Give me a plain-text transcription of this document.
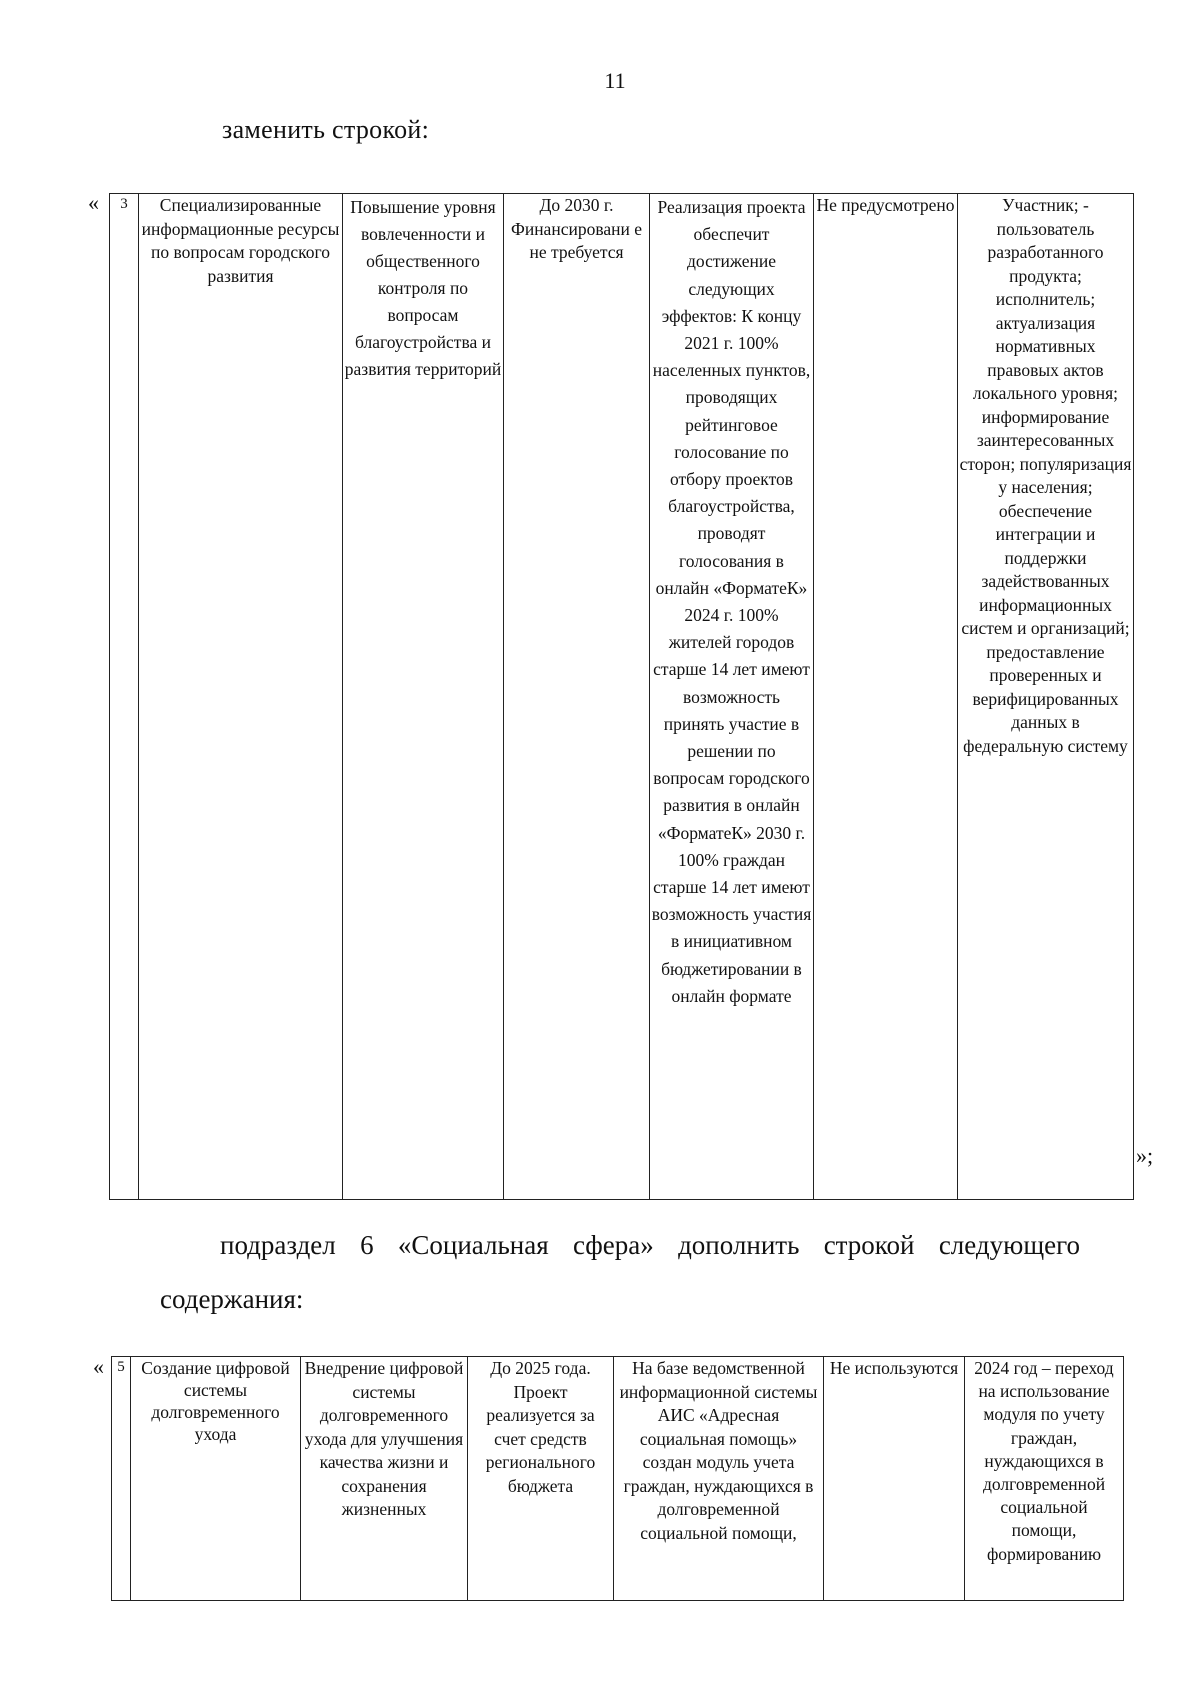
11
заменить строкой:
« 3	Специализированные информационные ресурсы по вопросам городского развития	Повышение уровня вовлеченности и общественного контроля по вопросам благоустройства и развития территорий	До 2030 г. Финансировани е не требуется	Реализация проекта обеспечит достижение следующих эффектов: К концу 2021 г. 100% населенных пунктов, проводящих рейтинговое голосование по отбору проектов благоустройства, проводят голосования в онлайн «ФорматеК» 2024 г. 100% жителей городов старше 14 лет имеют возможность принять участие в решении по вопросам городского развития в онлайн «ФорматеК» 2030 г. 100% граждан старше 14 лет имеют возможность участия в инициативном бюджетировании в онлайн формате	Не предусмотрено	Участник; - пользователь разработанного продукта; исполнитель; актуализация нормативных правовых актов локального уровня; информирование заинтересованных сторон; популяризация у населения; обеспечение интеграции и поддержки задействованных информационных систем и организаций; предоставление проверенных и верифицированных данных в федеральную систему
»;
подраздел 6 «Социальная сфера» дополнить строкой следующего содержания:
« 5	Создание цифровой системы долговременного ухода	Внедрение цифровой системы долговременного ухода для улучшения качества жизни и сохранения жизненных	До 2025 года. Проект реализуется за счет средств регионального бюджета	На базе ведомственной информационной системы АИС «Адресная социальная помощь» создан модуль учета граждан, нуждающихся в долговременной социальной помощи,	Не используются	2024 год – переход на использование модуля по учету граждан, нуждающихся в долговременной социальной помощи, формированию
